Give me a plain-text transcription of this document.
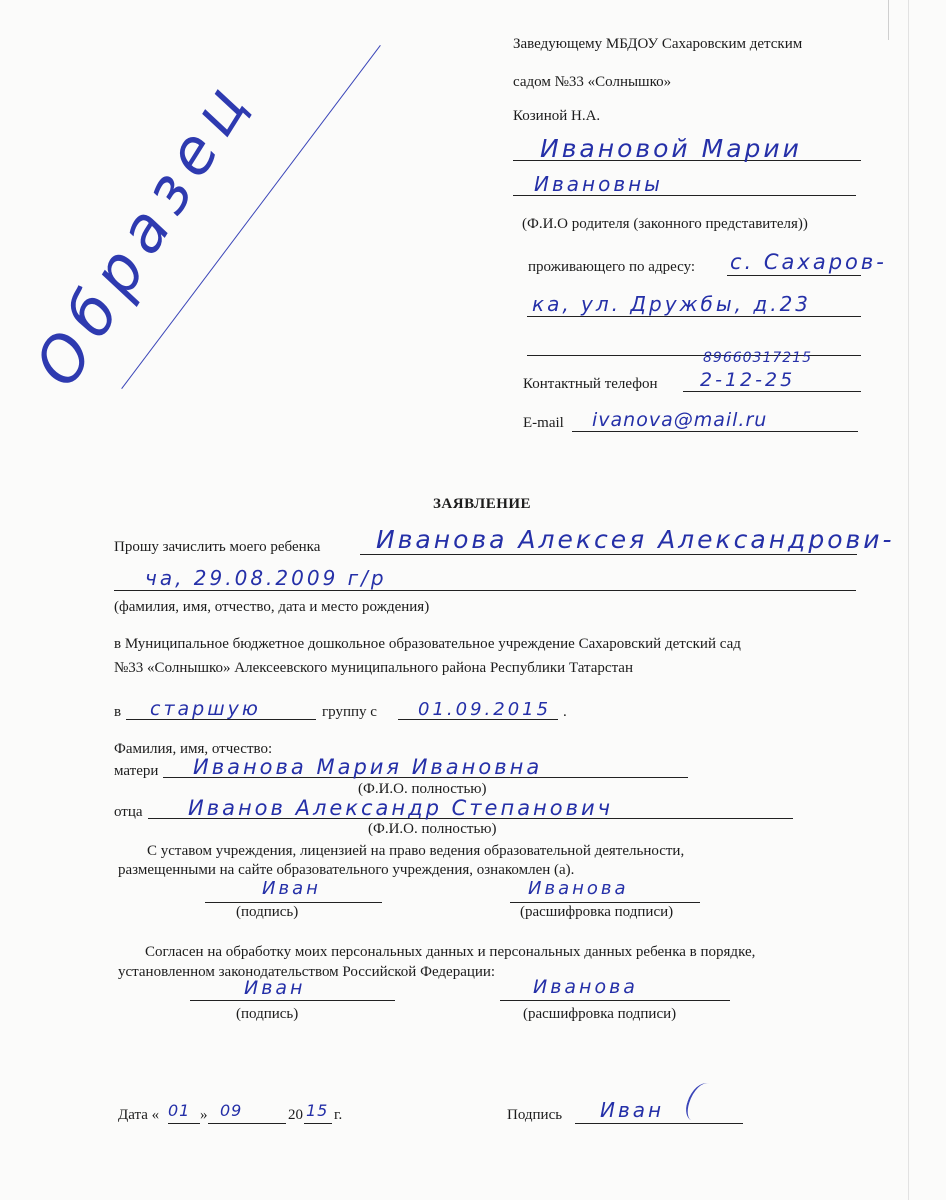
Образец
Заведующему МБДОУ Сахаровским детским
садом №33 «Солнышко»
Козиной Н.А.
Ивановой Марии
Ивановны
(Ф.И.О родителя (законного представителя))
проживающего по адресу: с. Сахаров-
ка, ул. Дружбы, д.23
89660317215
Контактный телефон 2-12-25
E-mail ivanova@mail.ru
ЗАЯВЛЕНИЕ
Прошу зачислить моего ребенка Иванова Алексея Александрови-
ча, 29.08.2009 г/р
(фамилия, имя, отчество, дата и место рождения)
в Муниципальное бюджетное дошкольное образовательное учреждение Сахаровский детский сад
№33 «Солнышко» Алексеевского муниципального района Республики Татарстан
в старшую	группу с 01.09.2015 .
Фамилия, имя, отчество:
матери Иванова Мария Ивановна
(Ф.И.О. полностью)
отца Иванов Александр Степанович
(Ф.И.О. полностью)
С уставом учреждения, лицензией на право ведения образовательной деятельности,
размещенными на сайте образовательного учреждения, ознакомлен (а).
Иван
(подпись)
Иванова
(расшифровка подписи)
Согласен на обработку моих персональных данных и персональных данных ребенка в порядке,
установленном законодательством Российской Федерации:
Иван
(подпись)
Иванова
(расшифровка подписи)
Дата « 01 » 09	20 15 г.	Подпись Иван
